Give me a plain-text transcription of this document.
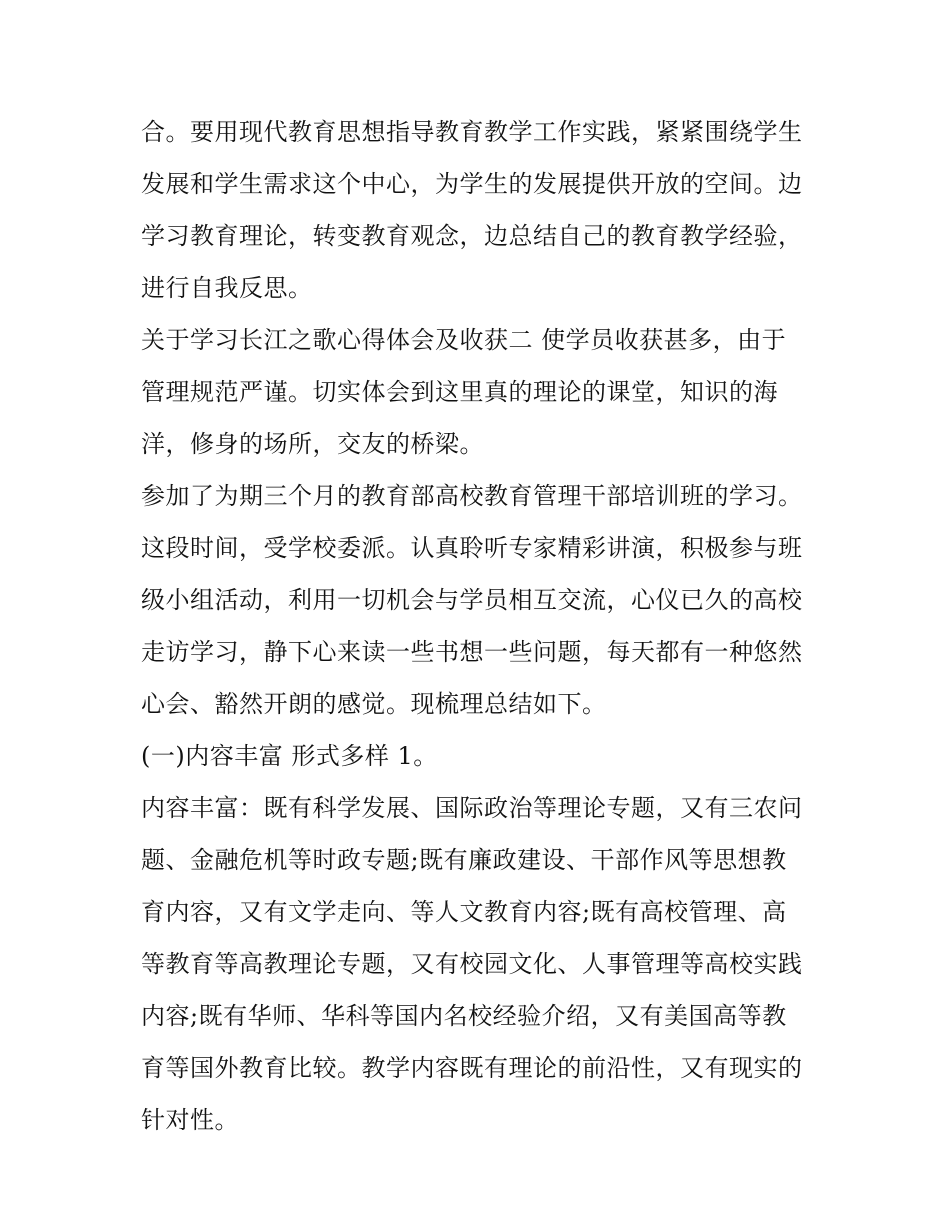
合。要用现代教育思想指导教育教学工作实践，紧紧围绕学生
发展和学生需求这个中心，为学生的发展提供开放的空间。边
学习教育理论，转变教育观念，边总结自己的教育教学经验，
进行自我反思。
关于学习长江之歌心得体会及收获二 使学员收获甚多，由于
管理规范严谨。切实体会到这里真的理论的课堂，知识的海
洋，修身的场所，交友的桥梁。
参加了为期三个月的教育部高校教育管理干部培训班的学习。
这段时间，受学校委派。认真聆听专家精彩讲演，积极参与班
级小组活动，利用一切机会与学员相互交流，心仪已久的高校
走访学习，静下心来读一些书想一些问题，每天都有一种悠然
心会、豁然开朗的感觉。现梳理总结如下。
(一)内容丰富 形式多样 1。
内容丰富：既有科学发展、国际政治等理论专题，又有三农问
题、金融危机等时政专题;既有廉政建设、干部作风等思想教
育内容，又有文学走向、等人文教育内容;既有高校管理、高
等教育等高教理论专题，又有校园文化、人事管理等高校实践
内容;既有华师、华科等国内名校经验介绍，又有美国高等教
育等国外教育比较。教学内容既有理论的前沿性，又有现实的
针对性。
